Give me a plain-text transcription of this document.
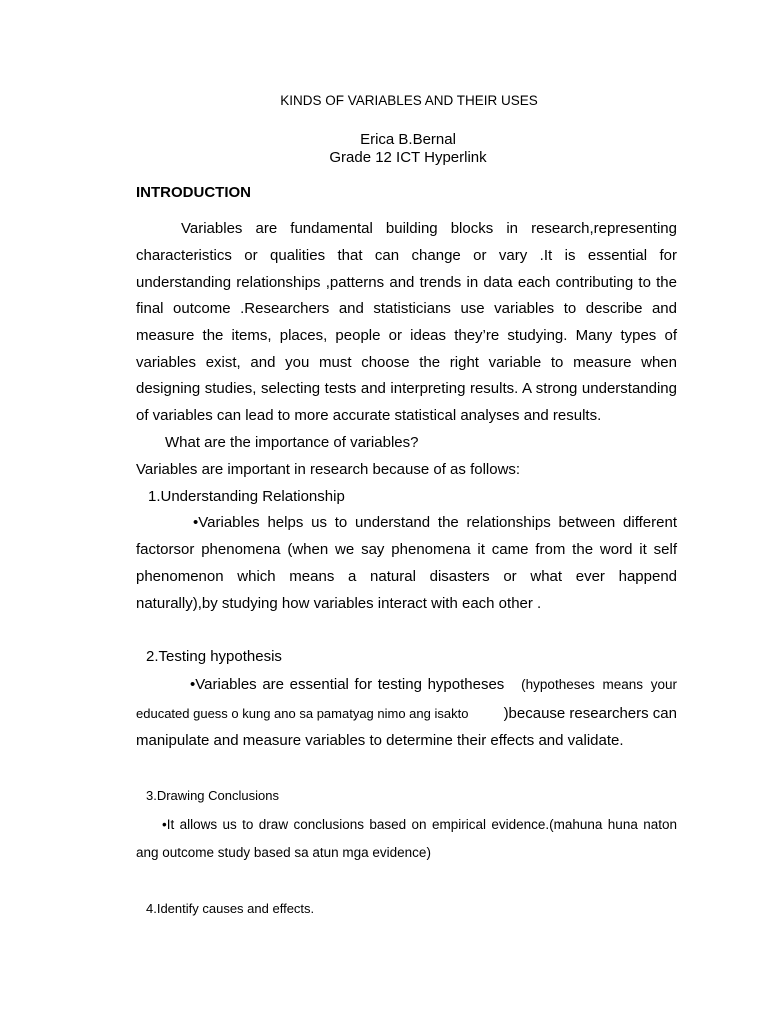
KINDS OF VARIABLES AND THEIR USES
Erica B.Bernal
Grade 12 ICT Hyperlink
INTRODUCTION
Variables are fundamental building blocks in research,representing
characteristics or qualities that can change or vary .It is essential for
understanding relationships ,patterns and trends in data each contributing to the
final outcome .Researchers and statisticians use variables to describe and
measure the items, places, people or ideas they’re studying. Many types of
variables exist, and you must choose the right variable to measure when
designing studies, selecting tests and interpreting results. A strong understanding
of variables can lead to more accurate statistical analyses and results.
What are the importance of variables?
Variables are important in research because of as follows:
1.Understanding Relationship
•Variables helps us to understand the relationships between different
factorsor phenomena (when we say phenomena it came from the word it self
phenomenon which means a natural disasters or what ever happend
naturally),by studying how variables interact with each other .
2.Testing hypothesis
•Variables are essential for testing hypotheses (hypotheses means your
educated guess o kung ano sa pamatyag nimo ang isakto )because researchers can
manipulate and measure variables to determine their effects and validate.
3.Drawing Conclusions
•It allows us to draw conclusions based on empirical evidence.(mahuna huna naton
ang outcome study based sa atun mga evidence)
4.Identify causes and effects.
